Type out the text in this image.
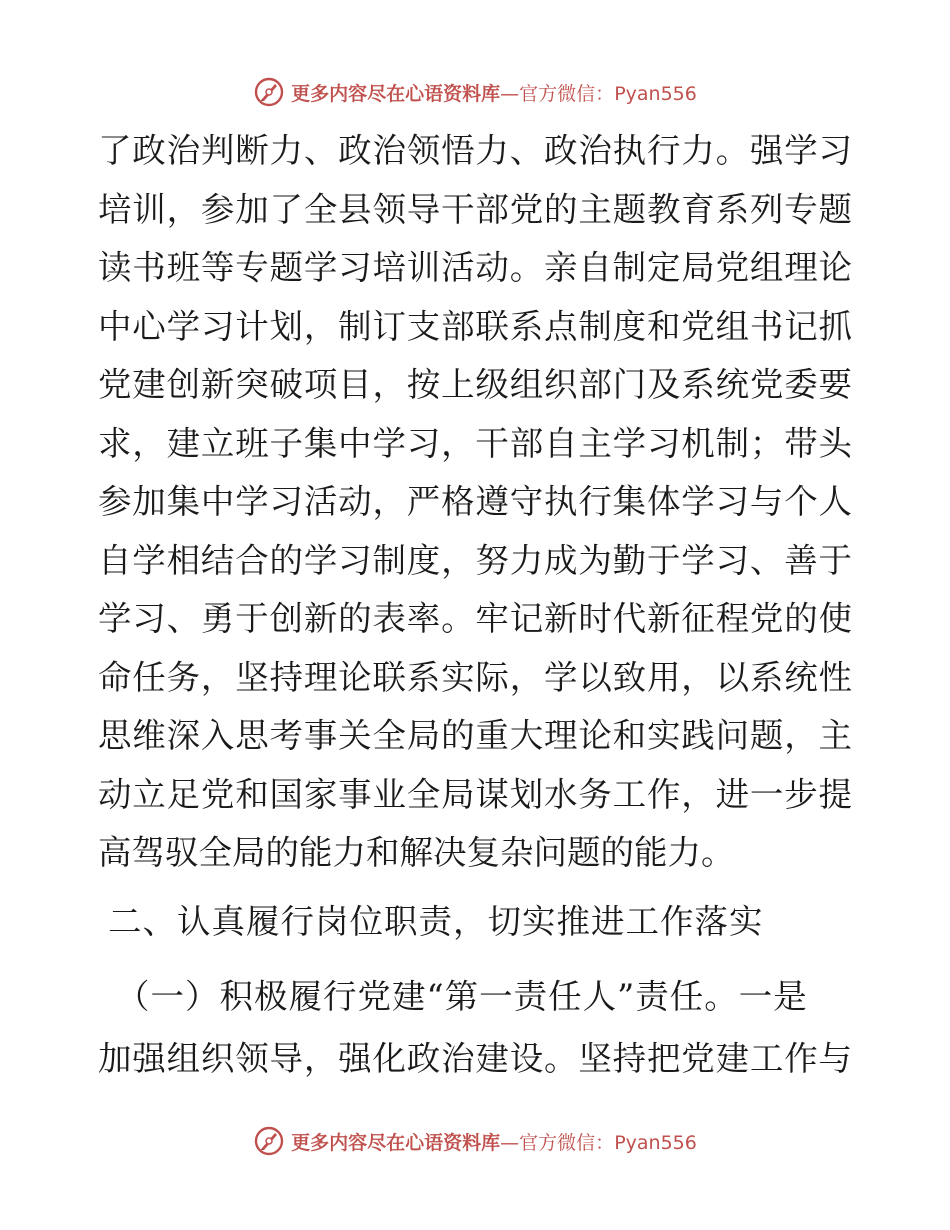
更多内容尽在心语资料库—官方微信：Pyan556
了政治判断力、政治领悟力、政治执行力。强学习
培训，参加了全县领导干部党的主题教育系列专题
读书班等专题学习培训活动。亲自制定局党组理论
中心学习计划，制订支部联系点制度和党组书记抓
党建创新突破项目，按上级组织部门及系统党委要
求，建立班子集中学习，干部自主学习机制；带头
参加集中学习活动，严格遵守执行集体学习与个人
自学相结合的学习制度，努力成为勤于学习、善于
学习、勇于创新的表率。牢记新时代新征程党的使
命任务，坚持理论联系实际，学以致用，以系统性
思维深入思考事关全局的重大理论和实践问题，主
动立足党和国家事业全局谋划水务工作，进一步提
高驾驭全局的能力和解决复杂问题的能力。
二、认真履行岗位职责，切实推进工作落实
（一）积极履行党建“第一责任人”责任。一是
加强组织领导，强化政治建设。坚持把党建工作与
更多内容尽在心语资料库—官方微信：Pyan556
